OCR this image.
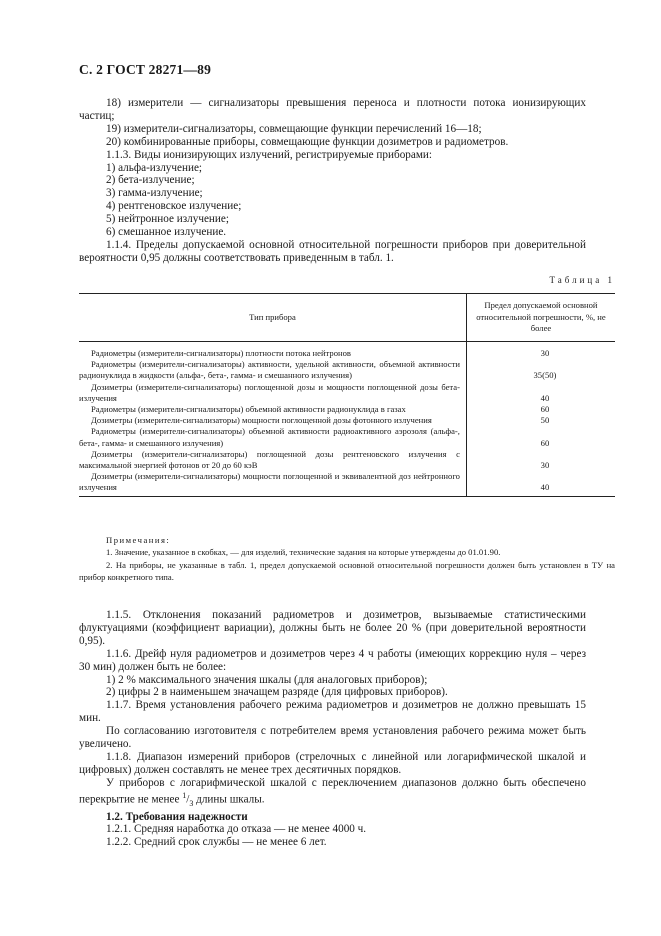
С. 2 ГОСТ 28271—89

18) измерители — сигнализаторы превышения переноса и плотности потока ионизирующих частиц;

19) измерители-сигнализаторы, совмещающие функции перечислений 16—18;

20) комбинированные приборы, совмещающие функции дозиметров и радиометров.

1.1.3. Виды ионизирующих излучений, регистрируемые приборами:

1) альфа-излучение;

2) бета-излучение;

3) гамма-излучение;

4) рентгеновское излучение;

5) нейтронное излучение;

6) смешанное излучение.

1.1.4. Пределы допускаемой основной относительной погрешности приборов при доверительной вероятности 0,95 должны соответствовать приведенным в табл. 1.

Таблица 1
Тип прибора	Предел допускаемой основной относительной погрешности, %, не более

Радиометры (измерители-сигнализаторы) плотности потока нейтронов	30

Радиометры (измерители-сигнализаторы) активности, удельной активности, объемной активности радионуклида в жидкости (альфа-, бета-, гамма- и смешанного излучения)	35(50)

Дозиметры (измерители-сигнализаторы) поглощенной дозы и мощности поглощенной дозы бета-излучения	40

Радиометры (измерители-сигнализаторы) объемной активности радионуклида в газах	60

Дозиметры (измерители-сигнализаторы) мощности поглощенной дозы фотонного излучения	50

Радиометры (измерители-сигнализаторы) объемной активности радиоактивного аэрозоля (альфа-, бета-, гамма- и смешанного излучения)	60

Дозиметры (измерители-сигнализаторы) поглощенной дозы рентгеновского излучения с максимальной энергией фотонов от 20 до 60 кэВ	30

Дозиметры (измерители-сигнализаторы) мощности поглощенной и эквивалентной доз нейтронного излучения	40

Примечания:

1. Значение, указанное в скобках, — для изделий, технические задания на которые утверждены до 01.01.90.

2. На приборы, не указанные в табл. 1, предел допускаемой основной относительной погрешности должен быть установлен в ТУ на прибор конкретного типа.

1.1.5. Отклонения показаний радиометров и дозиметров, вызываемые статистическими флуктуациями (коэффициент вариации), должны быть не более 20 % (при доверительной вероятности 0,95).

1.1.6. Дрейф нуля радиометров и дозиметров через 4 ч работы (имеющих коррекцию нуля – через 30 мин) должен быть не более:

1) 2 % максимального значения шкалы (для аналоговых приборов);

2) цифры 2 в наименьшем значащем разряде (для цифровых приборов).

1.1.7. Время установления рабочего режима радиометров и дозиметров не должно превышать 15 мин.

По согласованию изготовителя с потребителем время установления рабочего режима может быть увеличено.

1.1.8. Диапазон измерений приборов (стрелочных с линейной или логарифмической шкалой и цифровых) должен составлять не менее трех десятичных порядков.

У приборов с логарифмической шкалой с переключением диапазонов должно быть обеспечено перекрытие не менее $^1/_3$ длины шкалы.

1.2. Требования надежности

1.2.1. Средняя наработка до отказа — не менее 4000 ч.

1.2.2. Средний срок службы — не менее 6 лет.
